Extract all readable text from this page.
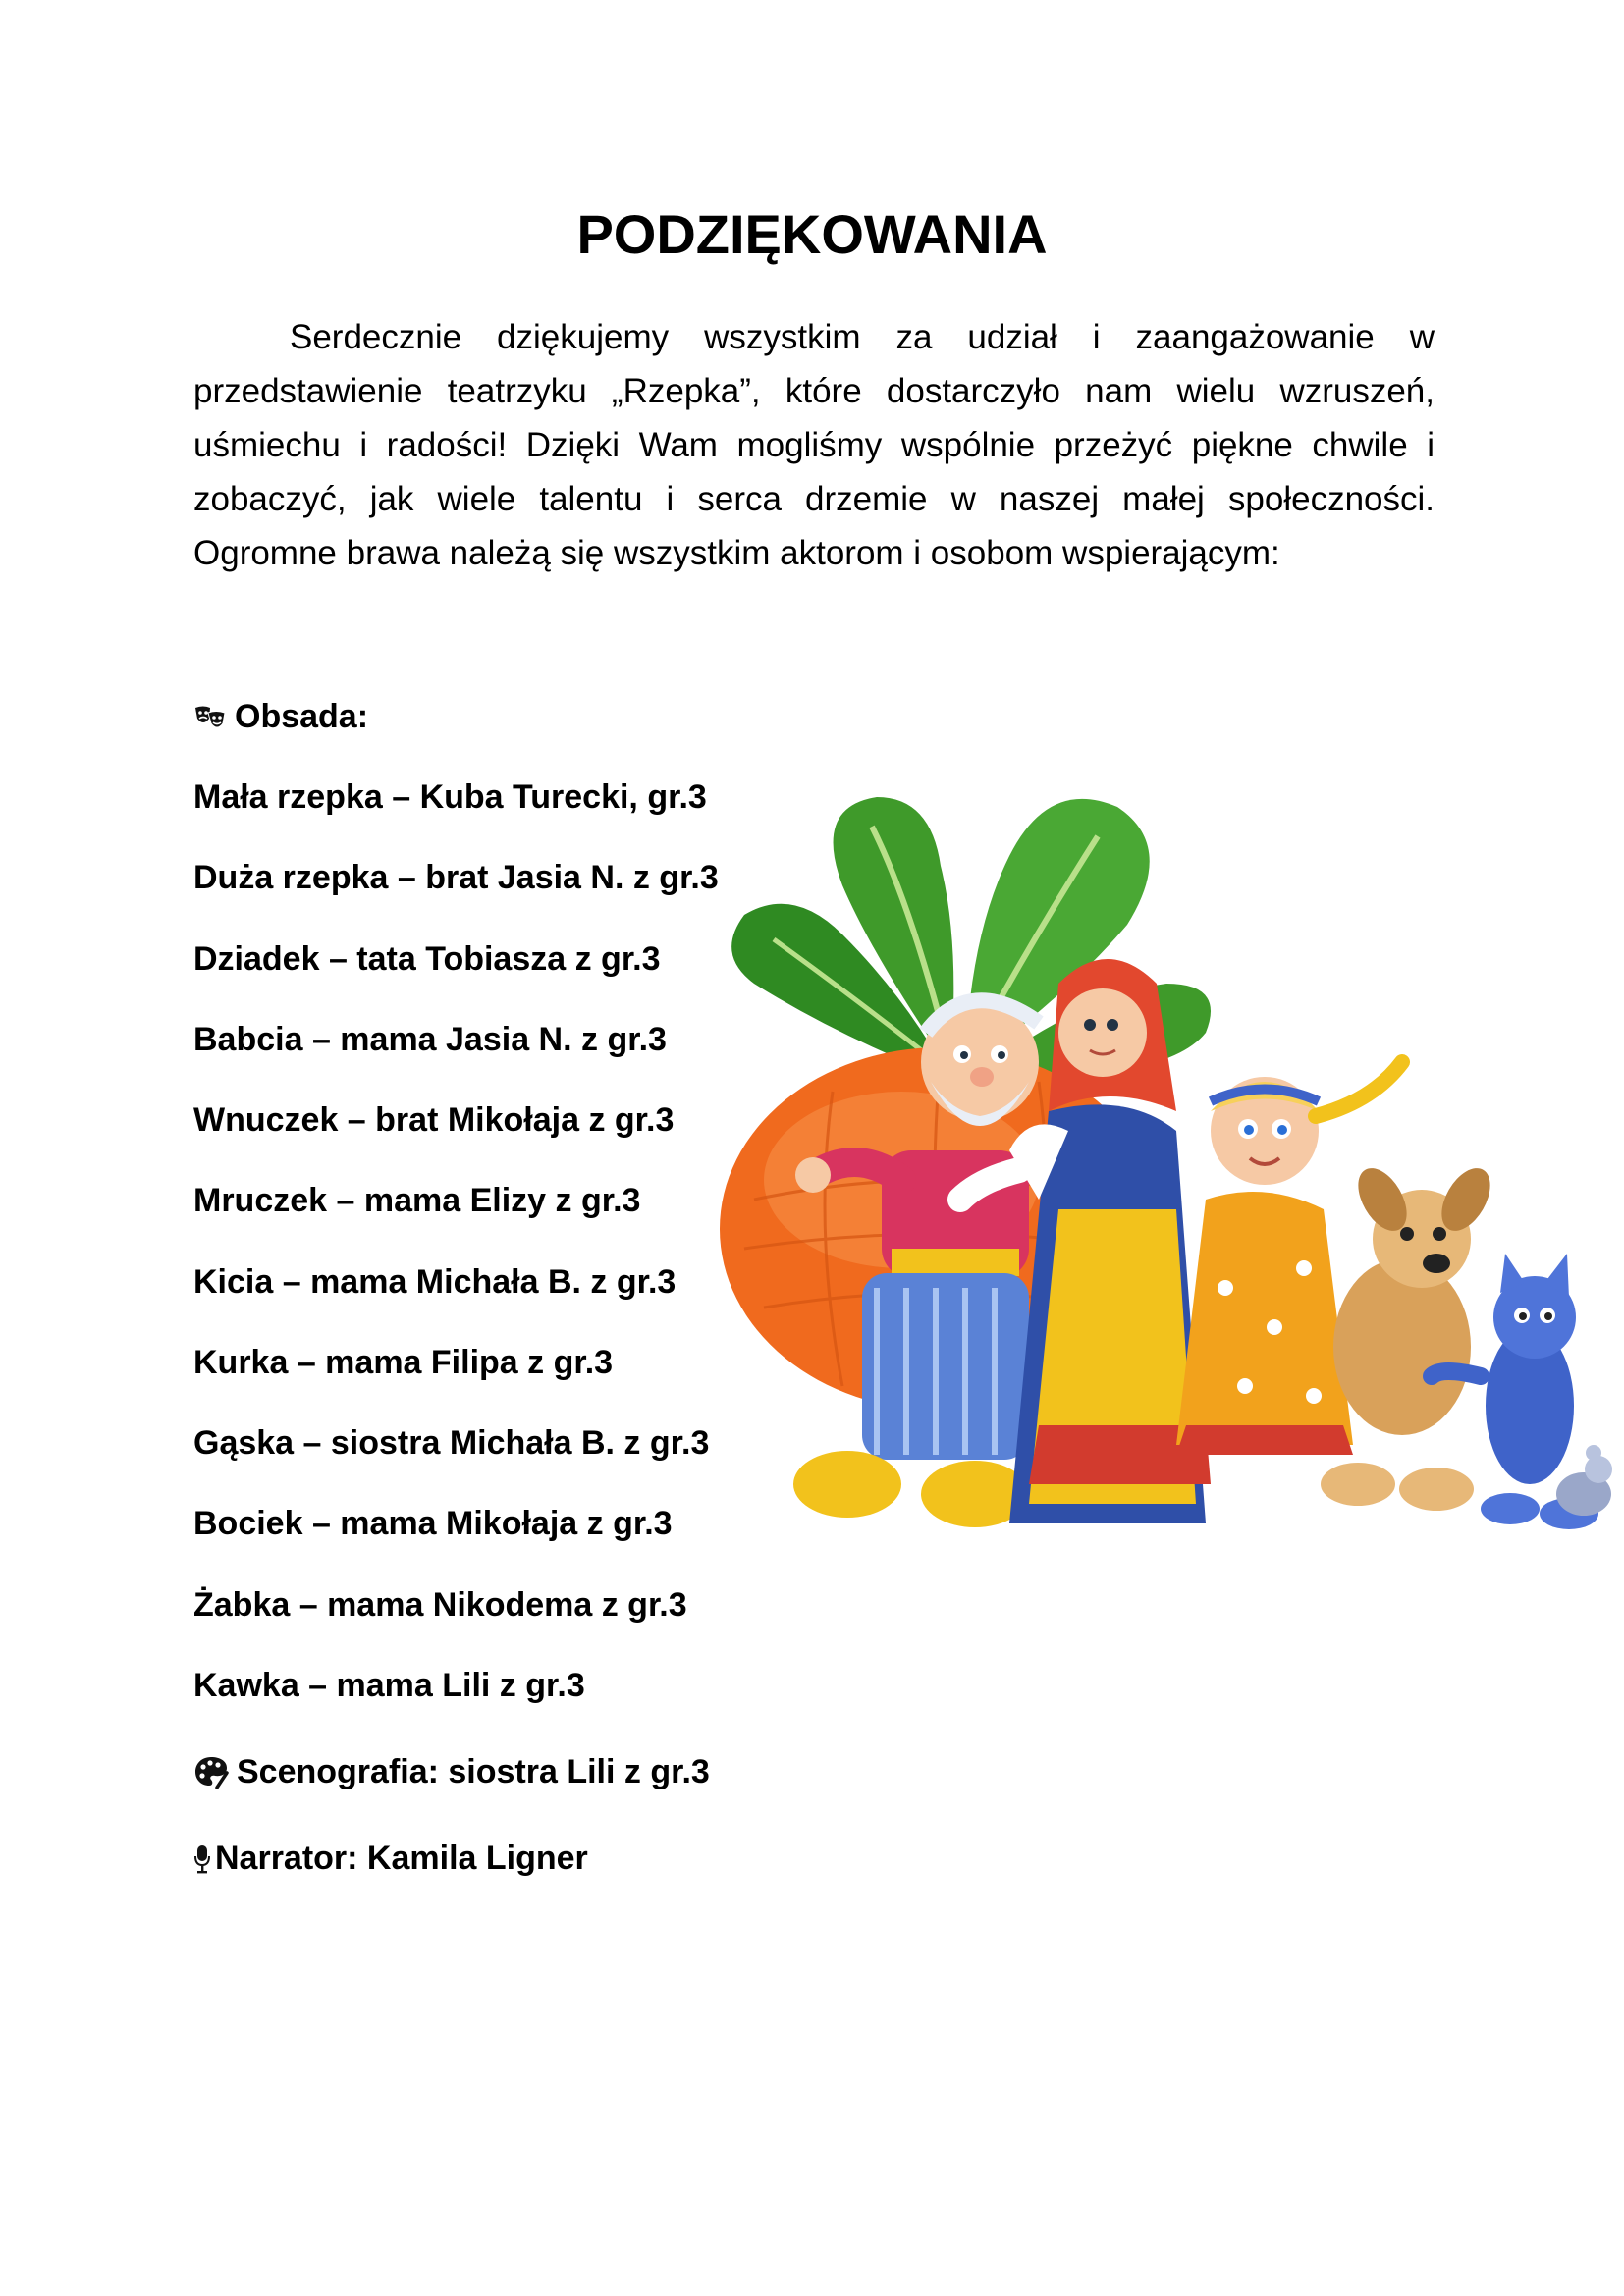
PODZIĘKOWANIA

Serdecznie dziękujemy wszystkim za udział i zaangażowanie w przedstawienie teatrzyku „Rzepka”, które dostarczyło nam wielu wzruszeń, uśmiechu i radości! Dzięki Wam mogliśmy wspólnie przeżyć piękne chwile i zobaczyć, jak wiele talentu i serca drzemie w naszej małej społeczności. Ogromne brawa należą się wszystkim aktorom i osobom wspierającym:

Obsada:
Mała rzepka – Kuba Turecki, gr.3
Duża rzepka – brat Jasia N. z gr.3
Dziadek – tata Tobiasza z gr.3
Babcia – mama Jasia N. z gr.3
Wnuczek – brat Mikołaja z gr.3
Mruczek – mama Elizy z gr.3
Kicia – mama Michała B. z gr.3
Kurka – mama Filipa z gr.3
Gąska – siostra Michała B. z gr.3
Bociek – mama Mikołaja z gr.3
Żabka – mama Nikodema z gr.3
Kawka – mama Lili z gr.3
Scenografia: siostra Lili z gr.3
Narrator: Kamila Ligner
